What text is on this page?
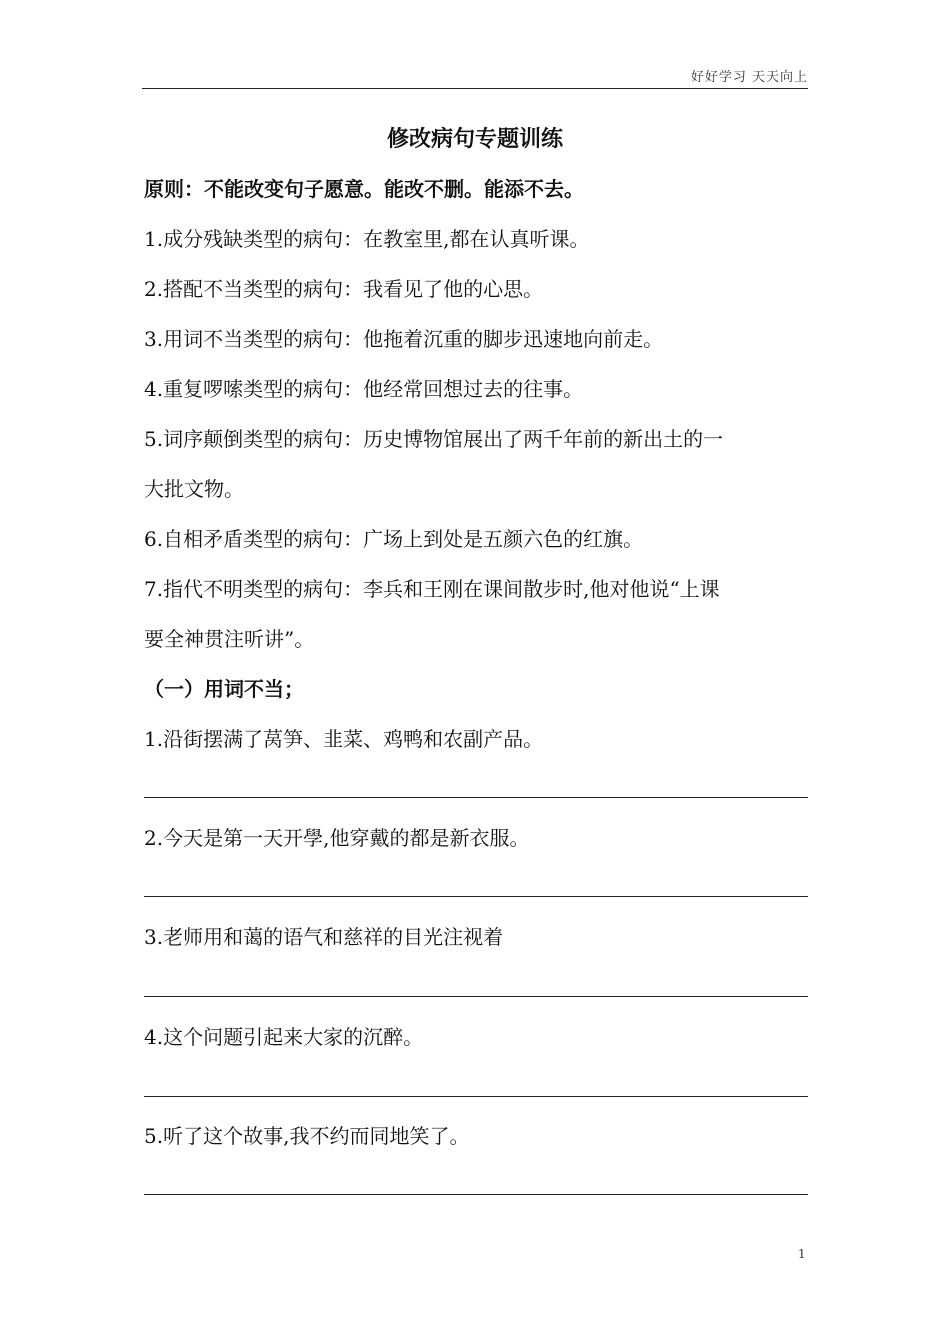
好好学习 天天向上
修改病句专题训练
原则：不能改变句子愿意。能改不删。能添不去。
1.成分残缺类型的病句：在教室里,都在认真听课。
2.搭配不当类型的病句：我看见了他的心思。
3.用词不当类型的病句：他拖着沉重的脚步迅速地向前走。
4.重复啰嗦类型的病句：他经常回想过去的往事。
5.词序颠倒类型的病句：历史博物馆展出了两千年前的新出土的一
大批文物。
6.自相矛盾类型的病句：广场上到处是五颜六色的红旗。
7.指代不明类型的病句：李兵和王刚在课间散步时,他对他说“上课
要全神贯注听讲”。
（一）用词不当；
1.沿街摆满了莴笋、韭菜、鸡鸭和农副产品。
2.今天是第一天开學,他穿戴的都是新衣服。
3.老师用和蔼的语气和慈祥的目光注视着
4.这个问题引起来大家的沉醉。
5.听了这个故事,我不约而同地笑了。
1
